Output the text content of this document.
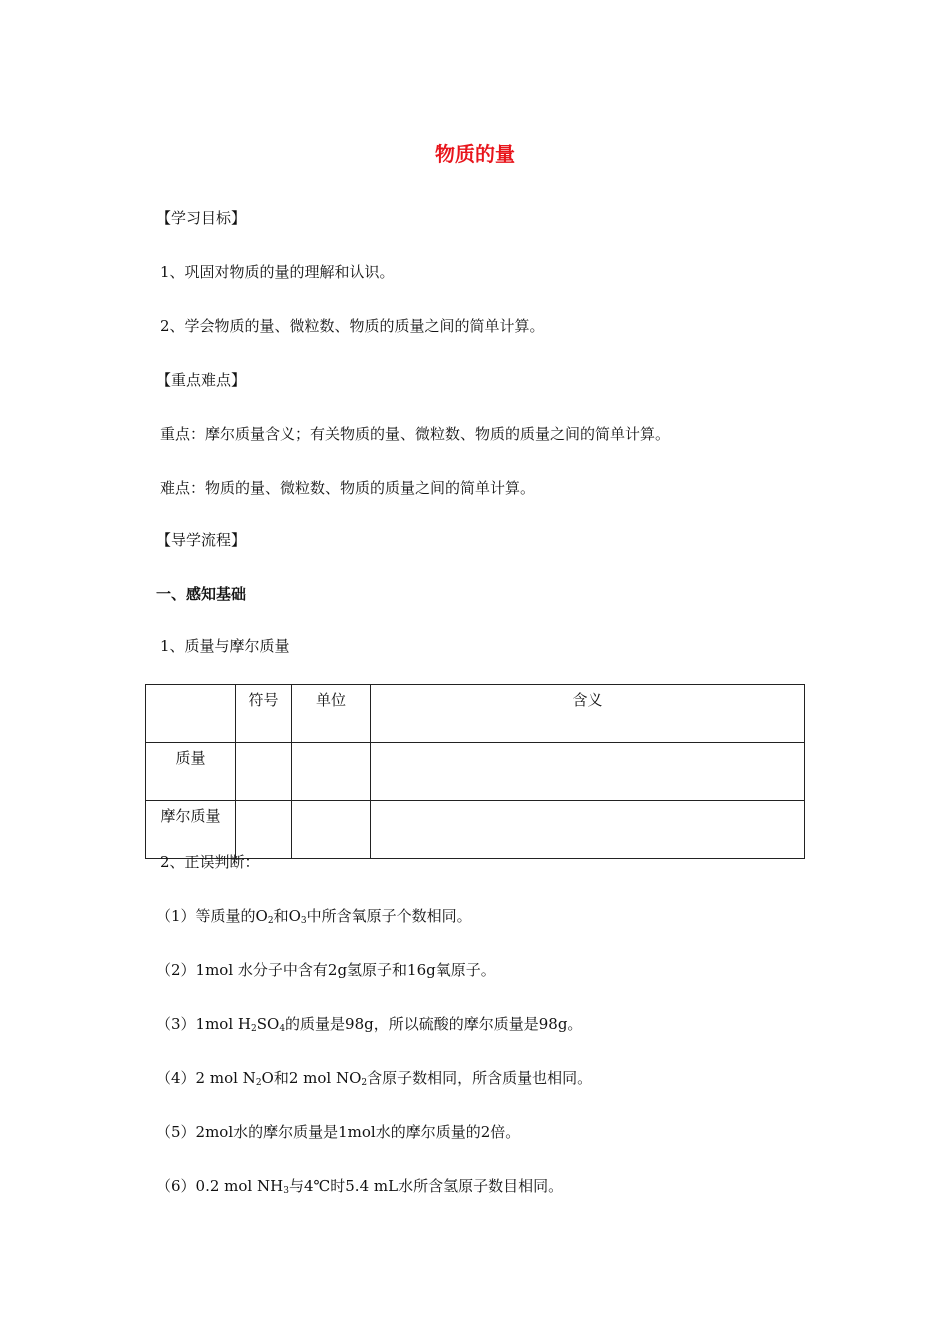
物质的量
【学习目标】
1、巩固对物质的量的理解和认识。
2、学会物质的量、微粒数、物质的质量之间的简单计算。
【重点难点】
重点：摩尔质量含义；有关物质的量、微粒数、物质的质量之间的简单计算。
难点：物质的量、微粒数、物质的质量之间的简单计算。
【导学流程】
一、感知基础
1、质量与摩尔质量
	符号	单位	含义
质量			
摩尔质量			
2、正误判断：
（1）等质量的$O_2$和$O_3$中所含氧原子个数相同。
（2）1mol 水分子中含有2g氢原子和16g氧原子。
（3）1mol $H_2SO_4$的质量是98g，所以硫酸的摩尔质量是98g。
（4）2 mol $N_2O$和2 mol $NO_2$含原子数相同，所含质量也相同。
（5）2mol水的摩尔质量是1mol水的摩尔质量的2倍。
（6）0.2 mol $NH_3$与4℃时5.4 mL水所含氢原子数目相同。
